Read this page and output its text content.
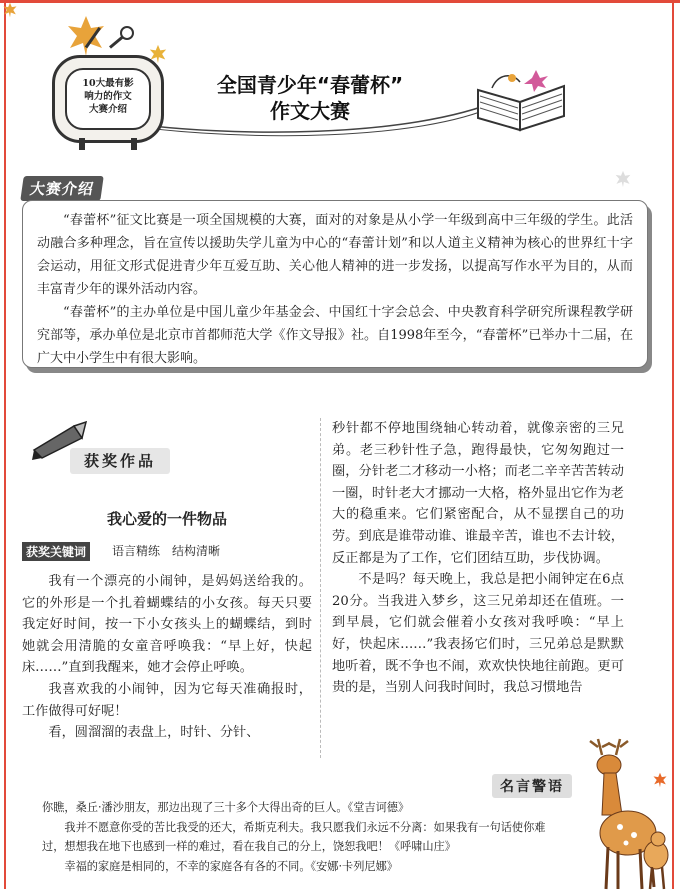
10大最有影
响力的作文
大赛介绍
全国青少年“春蕾杯”
作文大赛
大赛介绍

“春蕾杯”征文比赛是一项全国规模的大赛，面对的对象是从小学一年级到高中三年级的学生。此活动融合多种理念，旨在宣传以援助失学儿童为中心的“春蕾计划”和以人道主义精神为核心的世界红十字会运动，用征文形式促进青少年互爱互助、关心他人精神的进一步发扬，以提高写作水平为目的，从而丰富青少年的课外活动内容。

“春蕾杯”的主办单位是中国儿童少年基金会、中国红十字会总会、中央教育科学研究所课程教学研究部等，承办单位是北京市首都师范大学《作文导报》社。自1998年至今，“春蕾杯”已举办十二届，在广大中小学生中有很大影响。

获奖作品
我心爱的一件物品
获奖关键词	语言精练　结构清晰

我有一个漂亮的小闹钟，是妈妈送给我的。它的外形是一个扎着蝴蝶结的小女孩。每天只要我定好时间，按一下小女孩头上的蝴蝶结，到时她就会用清脆的女童音呼唤我：“早上好，快起床……”直到我醒来，她才会停止呼唤。

我喜欢我的小闹钟，因为它每天准确报时，工作做得可好呢！

看，圆溜溜的表盘上，时针、分针、

秒针都不停地围绕轴心转动着，就像亲密的三兄弟。老三秒针性子急，跑得最快，它匆匆跑过一圈，分针老二才移动一小格；而老二辛辛苦苦转动一圈，时针老大才挪动一大格，格外显出它作为老大的稳重来。它们紧密配合，从不显摆自己的功劳。到底是谁带动谁、谁最辛苦，谁也不去计较，反正都是为了工作，它们团结互助，步伐协调。

不是吗？每天晚上，我总是把小闹钟定在6点20分。当我进入梦乡，这三兄弟却还在值班。一到早晨，它们就会催着小女孩对我呼唤：“早上好，快起床……”我表扬它们时，三兄弟总是默默地听着，既不争也不闹，欢欢快快地往前跑。更可贵的是，当别人问我时间时，我总习惯地告

名言警语
你瞧，桑丘·潘沙朋友，那边出现了三十多个大得出奇的巨人。《堂吉诃德》
我并不愿意你受的苦比我受的还大，希斯克利夫。我只愿我们永远不分离：如果我有一句话使你难
过，想想我在地下也感到一样的难过，看在我自己的分上，饶恕我吧！《呼啸山庄》
幸福的家庭是相同的，不幸的家庭各有各的不同。《安娜·卡列尼娜》
